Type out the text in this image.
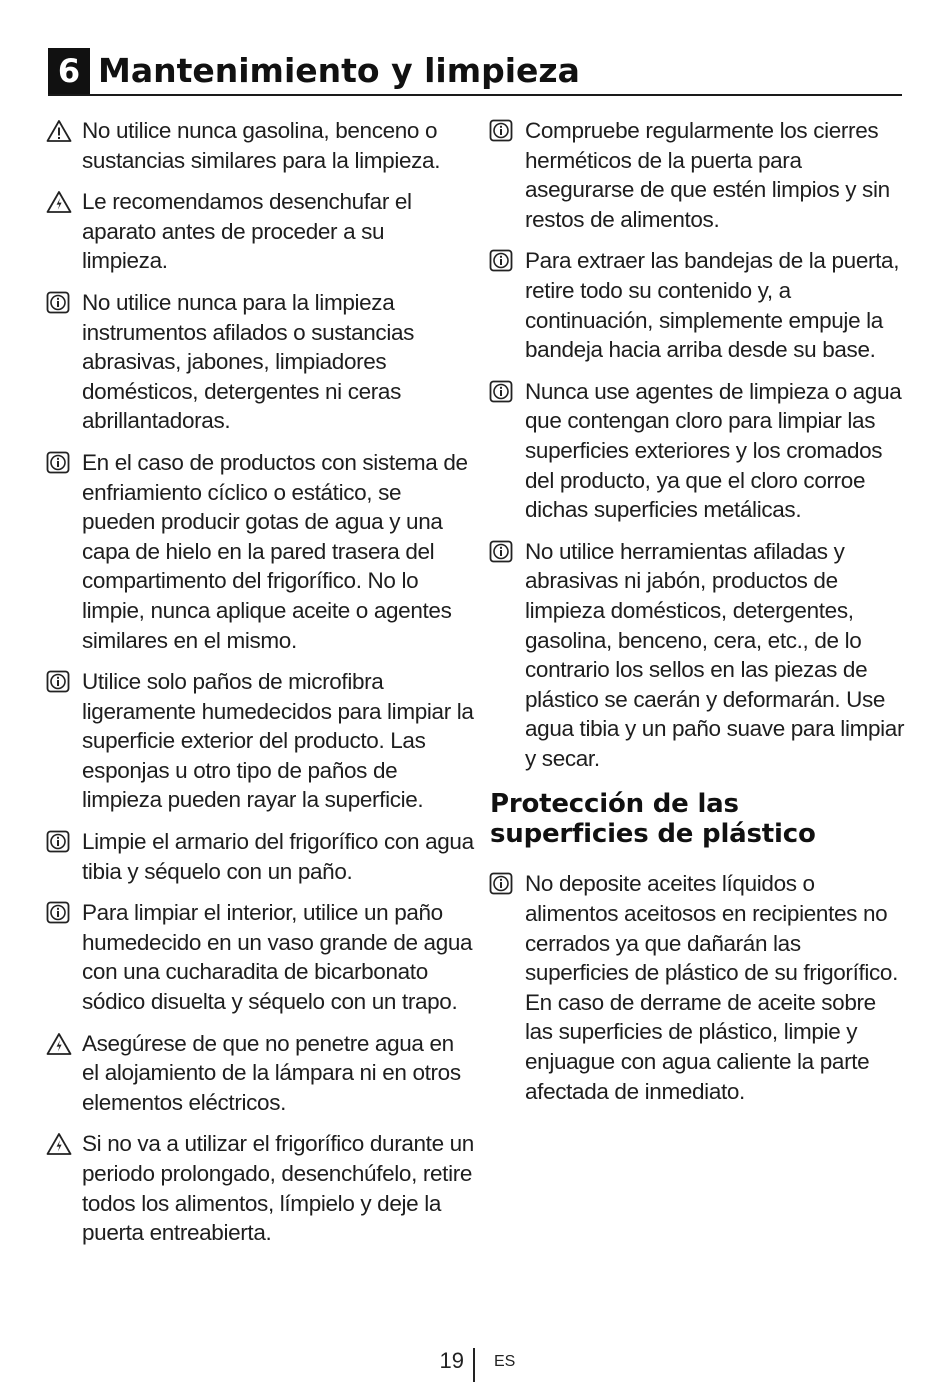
6 Mantenimiento y limpieza
No utilice nunca gasolina, benceno o sustancias similares para la limpieza.
Le recomendamos desenchufar el aparato antes de proceder a su limpieza.
No utilice nunca para la limpieza instrumentos afilados o sustancias abrasivas, jabones, limpiadores domésticos, detergentes ni ceras abrillantadoras.
En el caso de productos con sistema de enfriamiento cíclico o estático, se pueden producir gotas de agua y una capa de hielo en la pared trasera del compartimento del frigorífico. No lo limpie, nunca aplique aceite o agentes similares en el mismo.
Utilice solo paños de microfibra ligeramente humedecidos para limpiar la superficie exterior del producto. Las esponjas u otro tipo de paños de limpieza pueden rayar la superficie.
Limpie el armario del frigorífico con agua tibia y séquelo con un paño.
Para limpiar el interior, utilice un paño humedecido en un vaso grande de agua con una cucharadita de bicarbonato sódico disuelta y séquelo con un trapo.
Asegúrese de que no penetre agua en el alojamiento de la lámpara ni en otros elementos eléctricos.
Si no va a utilizar el frigorífico durante un periodo prolongado, desenchúfelo, retire todos los alimentos, límpielo y deje la puerta entreabierta.
Compruebe regularmente los cierres herméticos de la puerta para asegurarse de que estén limpios y sin restos de alimentos.
Para extraer las bandejas de la puerta, retire todo su contenido y, a continuación, simplemente empuje la bandeja hacia arriba desde su base.
Nunca use agentes de limpieza o agua que contengan cloro para limpiar las superficies exteriores y los cromados del producto, ya que el cloro corroe dichas superficies metálicas.
No utilice herramientas afiladas y abrasivas ni jabón, productos de limpieza domésticos, detergentes, gasolina, benceno, cera, etc., de lo contrario los sellos en las piezas de plástico se caerán y deformarán. Use agua tibia y un paño suave para limpiar y secar.
Protección de las
superficies de plástico
No deposite aceites líquidos o alimentos aceitosos en recipientes no cerrados ya que dañarán las superficies de plástico de su frigorífico. En caso de derrame de aceite sobre las superficies de plástico, limpie y enjuague con agua caliente la parte afectada de inmediato.
19 ES
